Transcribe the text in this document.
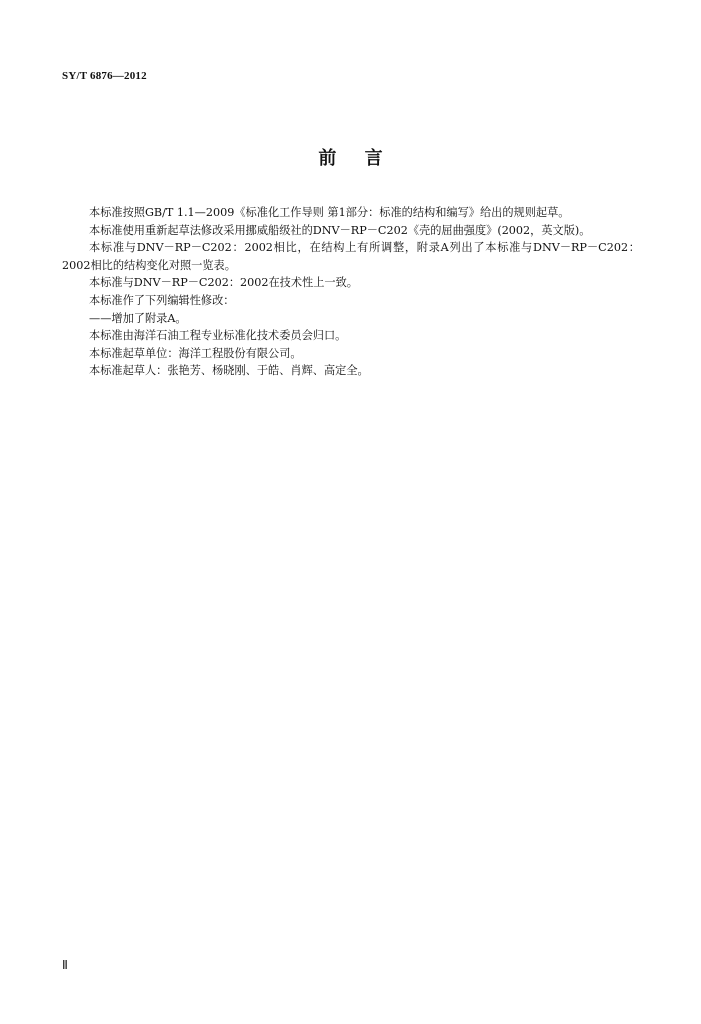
SY/T 6876—2012
前 言

本标准按照GB/T 1.1—2009《标准化工作导则 第1部分：标准的结构和编写》给出的规则起草。

本标准使用重新起草法修改采用挪威船级社的DNV－RP－C202《壳的屈曲强度》(2002，英文版)。

本标准与DNV－RP－C202：2002相比，在结构上有所调整，附录A列出了本标准与DNV－RP－C202：2002相比的结构变化对照一览表。

本标准与DNV－RP－C202：2002在技术性上一致。

本标准作了下列编辑性修改：

——增加了附录A。

本标准由海洋石油工程专业标准化技术委员会归口。

本标准起草单位：海洋工程股份有限公司。

本标准起草人：张艳芳、杨晓刚、于皓、肖辉、高定全。

Ⅱ
